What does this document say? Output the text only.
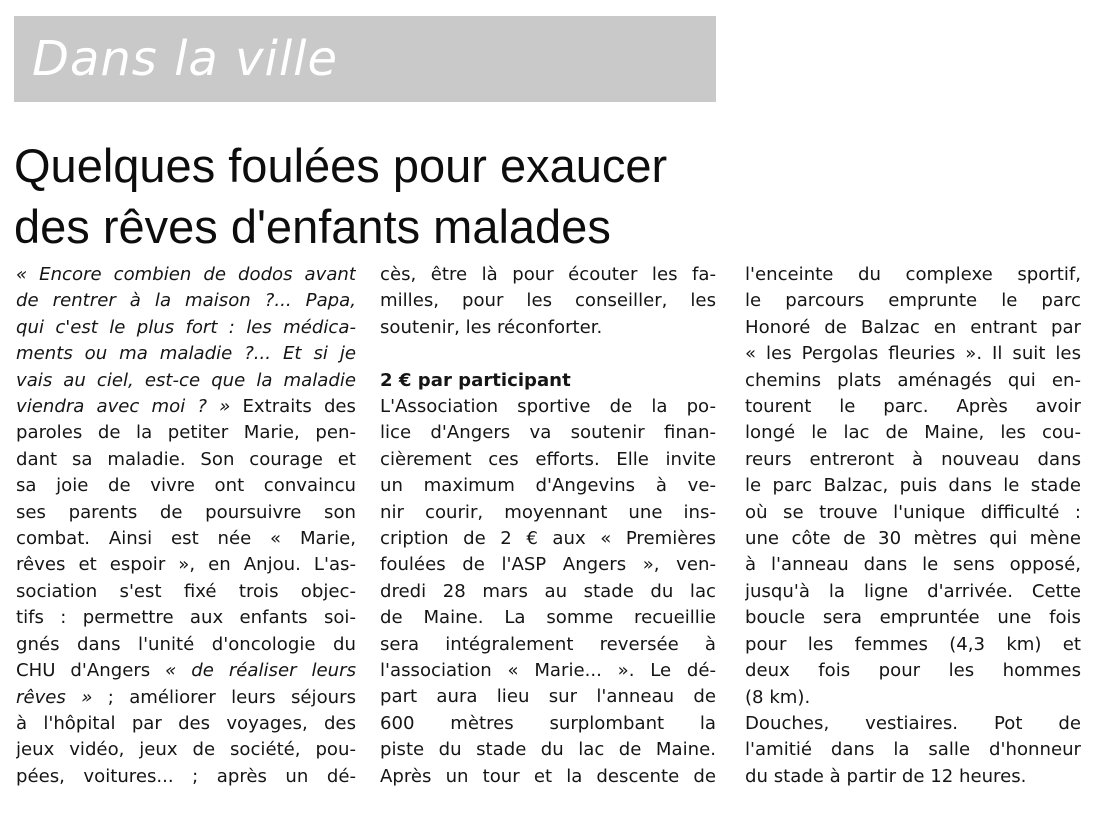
Dans la ville
Quelques foulées pour exaucer
des rêves d'enfants malades
« Encore combien de dodos avant
de rentrer à la maison ?... Papa,
qui c'est le plus fort : les médica-
ments ou ma maladie ?... Et si je
vais au ciel, est-ce que la maladie
viendra avec moi ? » Extraits des
paroles de la petiter Marie, pen-
dant sa maladie. Son courage et
sa joie de vivre ont convaincu
ses parents de poursuivre son
combat. Ainsi est née « Marie,
rêves et espoir », en Anjou. L'as-
sociation s'est fixé trois objec-
tifs : permettre aux enfants soi-
gnés dans l'unité d'oncologie du
CHU d'Angers « de réaliser leurs
rêves » ; améliorer leurs séjours
à l'hôpital par des voyages, des
jeux vidéo, jeux de société, pou-
pées, voitures... ; après un dé-
cès, être là pour écouter les fa-
milles, pour les conseiller, les
soutenir, les réconforter.
2 € par participant
L'Association sportive de la po-
lice d'Angers va soutenir finan-
cièrement ces efforts. Elle invite
un maximum d'Angevins à ve-
nir courir, moyennant une ins-
cription de 2 € aux « Premières
foulées de l'ASP Angers », ven-
dredi 28 mars au stade du lac
de Maine. La somme recueillie
sera intégralement reversée à
l'association « Marie... ». Le dé-
part aura lieu sur l'anneau de
600 mètres surplombant la
piste du stade du lac de Maine.
Après un tour et la descente de
l'enceinte du complexe sportif,
le parcours emprunte le parc
Honoré de Balzac en entrant par
« les Pergolas fleuries ». Il suit les
chemins plats aménagés qui en-
tourent le parc. Après avoir
longé le lac de Maine, les cou-
reurs entreront à nouveau dans
le parc Balzac, puis dans le stade
où se trouve l'unique difficulté :
une côte de 30 mètres qui mène
à l'anneau dans le sens opposé,
jusqu'à la ligne d'arrivée. Cette
boucle sera empruntée une fois
pour les femmes (4,3 km) et
deux fois pour les hommes
(8 km).
Douches, vestiaires. Pot de
l'amitié dans la salle d'honneur
du stade à partir de 12 heures.
